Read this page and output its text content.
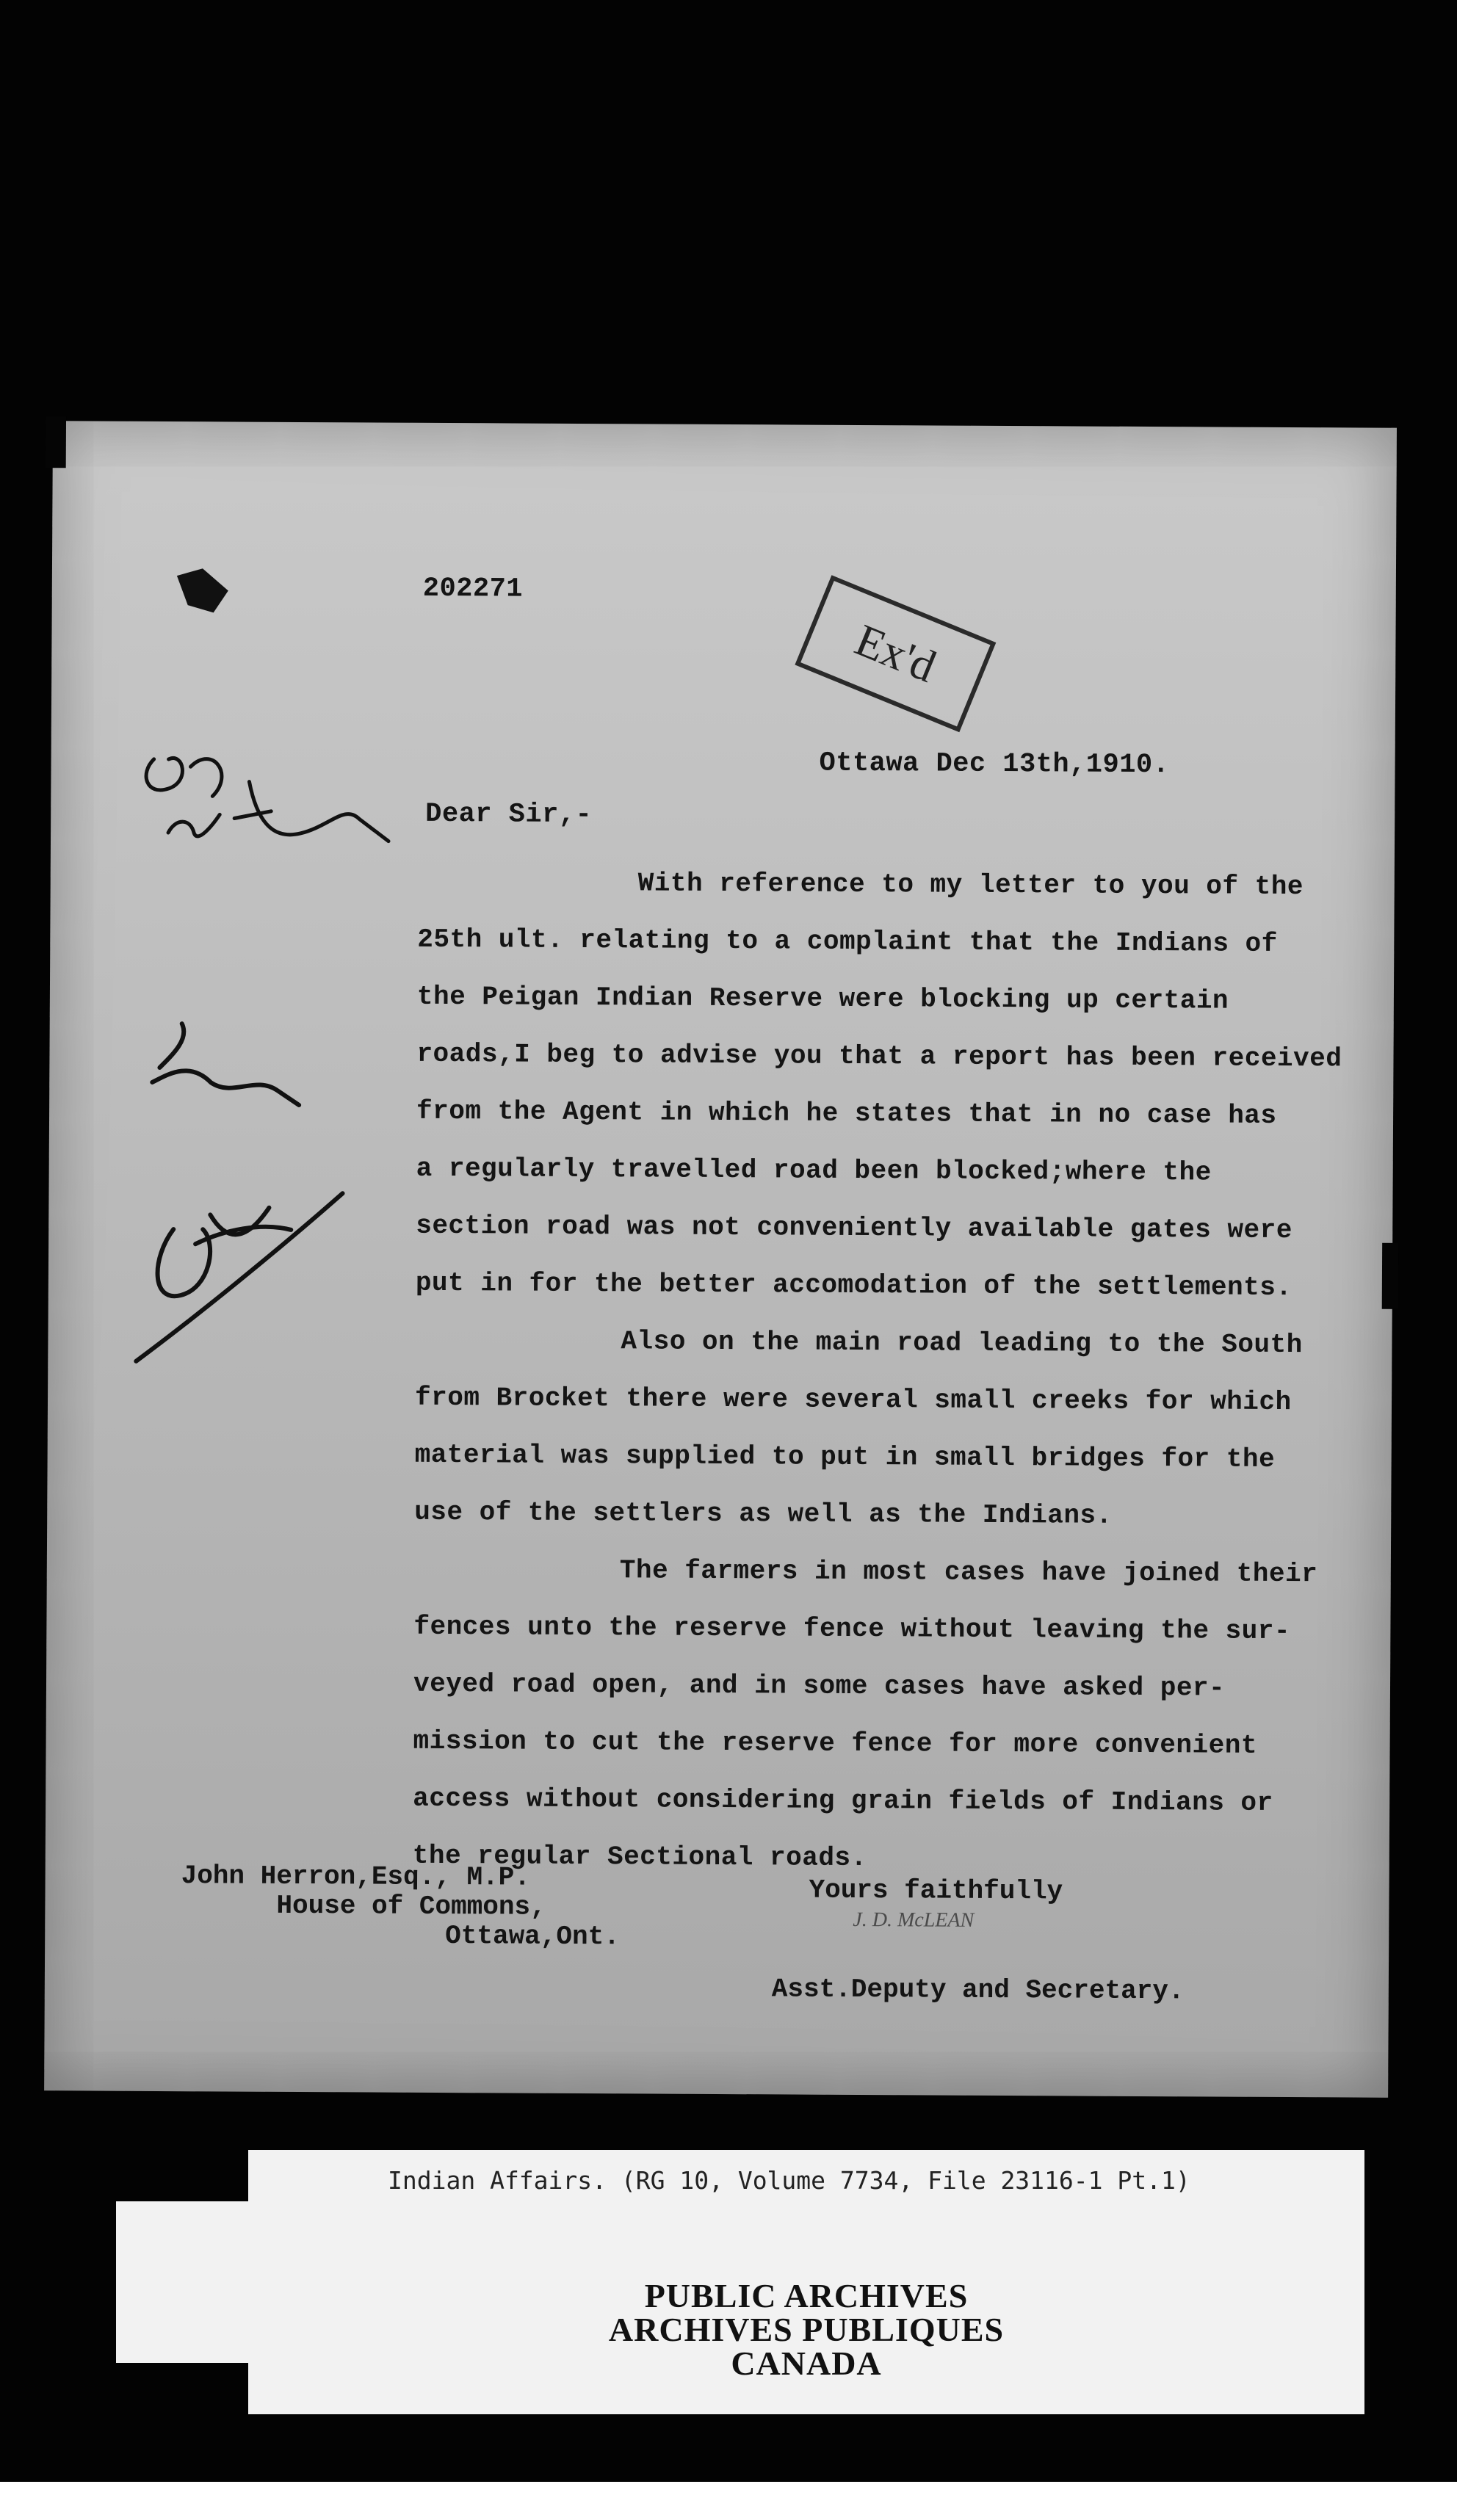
202271
Ex'd
Ottawa Dec 13th,1910.
Dear Sir,-
With reference to my letter to you of the
25th ult. relating to a complaint that the Indians of
the Peigan Indian Reserve were blocking up certain
roads,I beg to advise you that a report has been received
from the Agent in which he states that in no case has
a regularly travelled road been blocked;where the
section road was not conveniently available gates were
put in for the better accomodation of the settlements.
Also on the main road leading to the South
from Brocket there were several small creeks for which
material was supplied to put in small bridges for the
use of the settlers as well as the Indians.
The farmers in most cases have joined their
fences unto the reserve fence without leaving the sur-
veyed road open, and in some cases have asked per-
mission to cut the reserve fence for more convenient
access without considering grain fields of Indians or
the regular Sectional roads.
John Herron,Esq., M.P.
House of Commons,
Ottawa,Ont.
Yours faithfully
J. D. McLEAN
Asst.Deputy and Secretary.
Indian Affairs. (RG 10, Volume 7734, File 23116-1 Pt.1)
PUBLIC ARCHIVES
ARCHIVES PUBLIQUES
CANADA
